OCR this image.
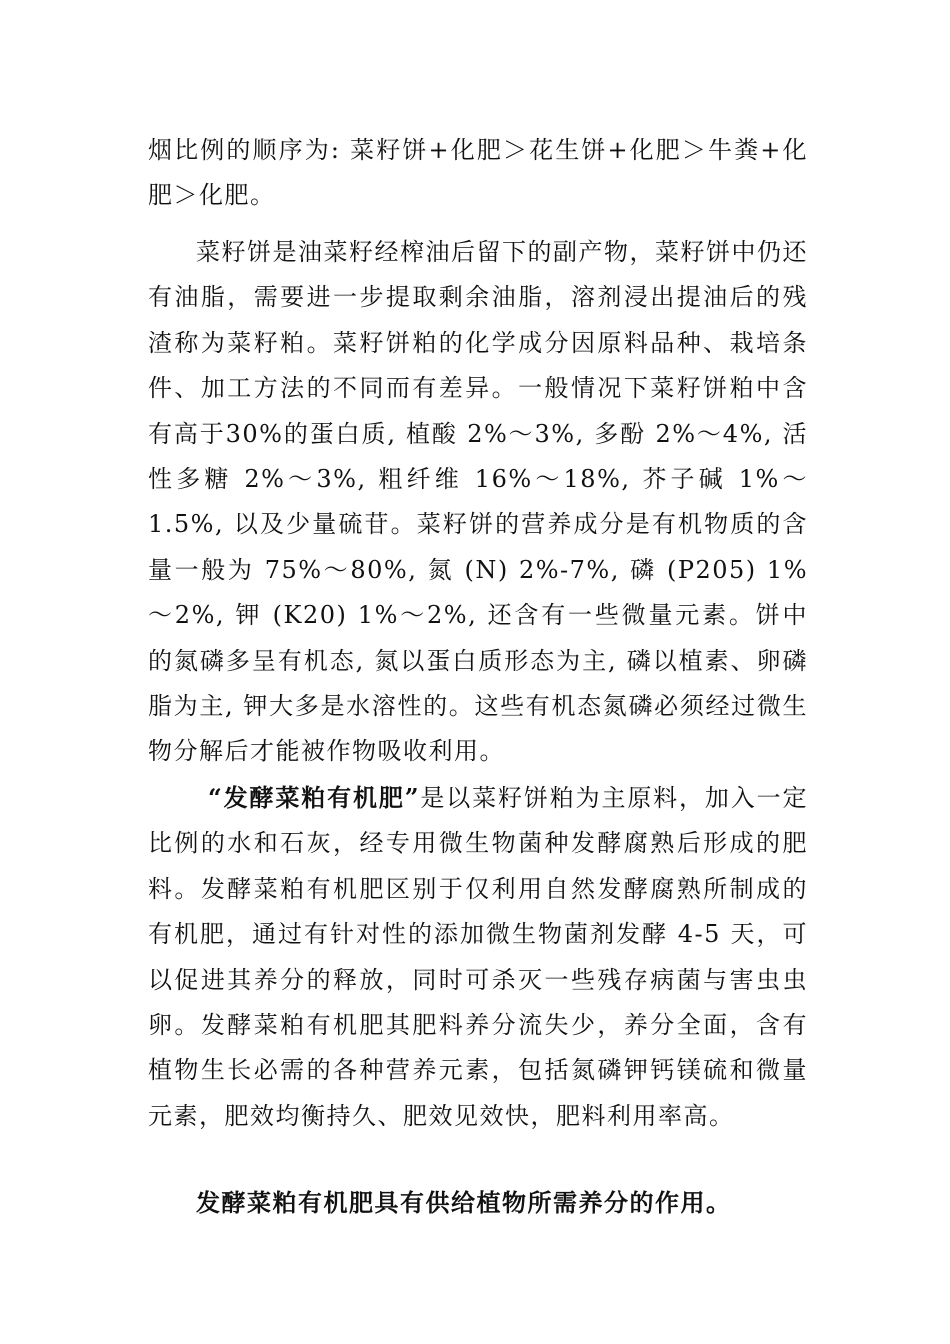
烟比例的顺序为: 菜籽饼+化肥＞花生饼+化肥＞牛粪+化肥＞化肥。
菜籽饼是油菜籽经榨油后留下的副产物，菜籽饼中仍还有油脂，需要进一步提取剩余油脂，溶剂浸出提油后的残渣称为菜籽粕。菜籽饼粕的化学成分因原料品种、栽培条件、加工方法的不同而有差异。一般情况下菜籽饼粕中含有高于30%的蛋白质, 植酸 2%～3%, 多酚 2%～4%, 活性多糖 2%～3%, 粗纤维 16%～18%, 芥子碱 1%～1.5%, 以及少量硫苷。菜籽饼的营养成分是有机物质的含量一般为 75%～80%, 氮 (N) 2%-7%, 磷 (P205) 1%～2%, 钾 (K20) 1%～2%, 还含有一些微量元素。饼中的氮磷多呈有机态, 氮以蛋白质形态为主, 磷以植素、卵磷脂为主, 钾大多是水溶性的。这些有机态氮磷必须经过微生物分解后才能被作物吸收利用。
“发酵菜粕有机肥”是以菜籽饼粕为主原料，加入一定比例的水和石灰，经专用微生物菌种发酵腐熟后形成的肥料。发酵菜粕有机肥区别于仅利用自然发酵腐熟所制成的有机肥，通过有针对性的添加微生物菌剂发酵 4-5 天，可以促进其养分的释放，同时可杀灭一些残存病菌与害虫虫卵。发酵菜粕有机肥其肥料养分流失少，养分全面，含有植物生长必需的各种营养元素，包括氮磷钾钙镁硫和微量元素，肥效均衡持久、肥效见效快，肥料利用率高。
发酵菜粕有机肥具有供给植物所需养分的作用。
